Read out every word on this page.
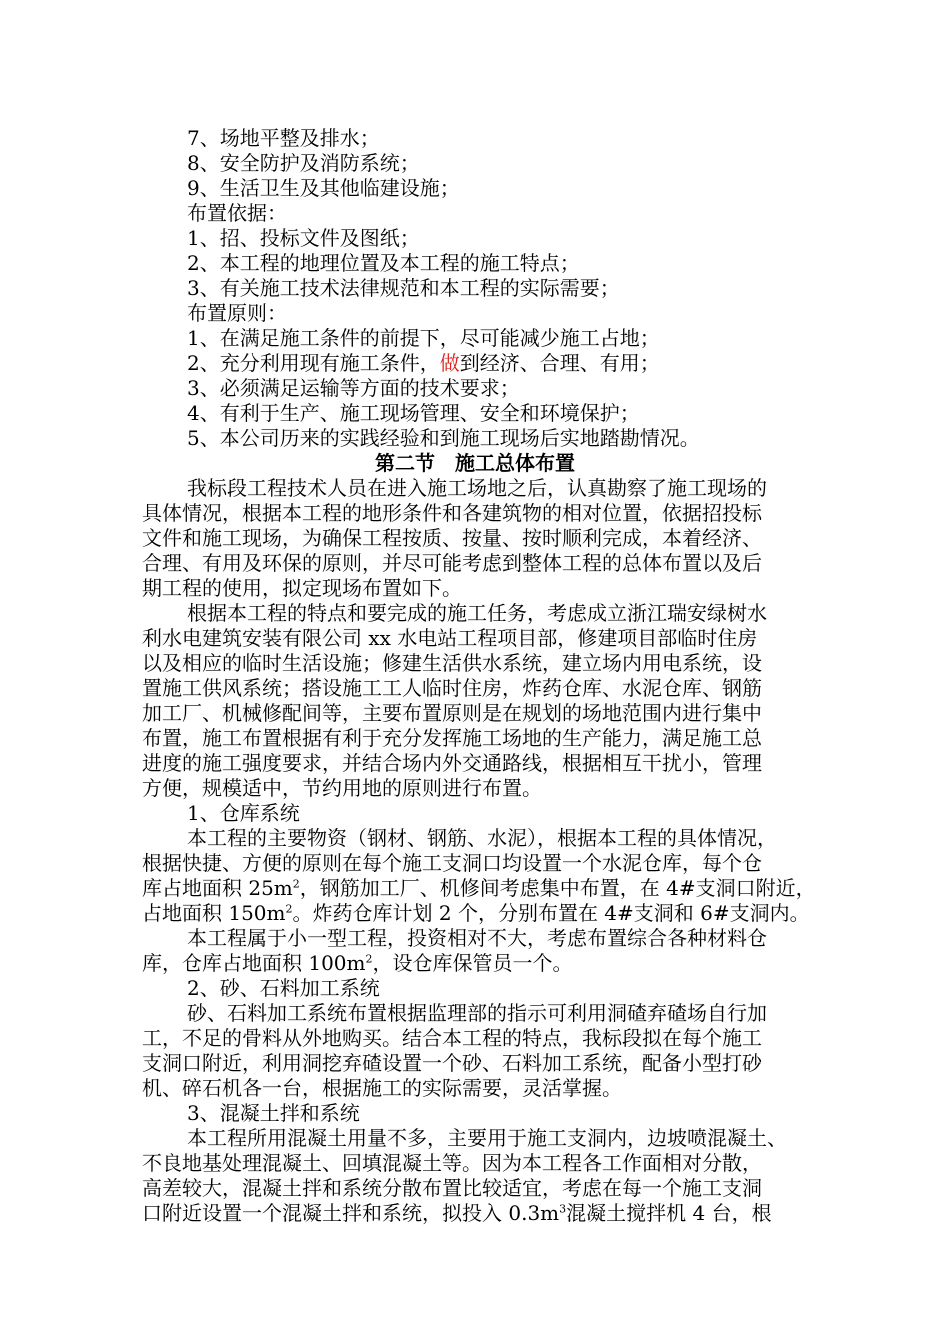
7、场地平整及排水；
8、安全防护及消防系统；
9、生活卫生及其他临建设施；
布置依据：
1、招、投标文件及图纸；
2、本工程的地理位置及本工程的施工特点；
3、有关施工技术法律规范和本工程的实际需要；
布置原则：
1、在满足施工条件的前提下，尽可能减少施工占地；
2、充分利用现有施工条件，做到经济、合理、有用；
3、必须满足运输等方面的技术要求；
4、有利于生产、施工现场管理、安全和环境保护；
5、本公司历来的实践经验和到施工现场后实地踏勘情况。
第二节　施工总体布置
我标段工程技术人员在进入施工场地之后，认真勘察了施工现场的
具体情况，根据本工程的地形条件和各建筑物的相对位置，依据招投标
文件和施工现场，为确保工程按质、按量、按时顺利完成，本着经济、
合理、有用及环保的原则，并尽可能考虑到整体工程的总体布置以及后
期工程的使用，拟定现场布置如下。
根据本工程的特点和要完成的施工任务，考虑成立浙江瑞安绿树水
利水电建筑安装有限公司 xx 水电站工程项目部，修建项目部临时住房
以及相应的临时生活设施；修建生活供水系统，建立场内用电系统，设
置施工供风系统；搭设施工工人临时住房，炸药仓库、水泥仓库、钢筋
加工厂、机械修配间等，主要布置原则是在规划的场地范围内进行集中
布置，施工布置根据有利于充分发挥施工场地的生产能力，满足施工总
进度的施工强度要求，并结合场内外交通路线，根据相互干扰小，管理
方便，规模适中，节约用地的原则进行布置。
1、仓库系统
本工程的主要物资（钢材、钢筋、水泥），根据本工程的具体情况，
根据快捷、方便的原则在每个施工支洞口均设置一个水泥仓库，每个仓
库占地面积 $25m^2$，钢筋加工厂、机修间考虑集中布置，在 4#支洞口附近，
占地面积 $150m^2$。炸药仓库计划 2 个，分别布置在 4#支洞和 6#支洞内。
本工程属于小一型工程，投资相对不大，考虑布置综合各种材料仓
库，仓库占地面积 $100m^2$，设仓库保管员一个。
2、砂、石料加工系统
砂、石料加工系统布置根据监理部的指示可利用洞碴弃碴场自行加
工，不足的骨料从外地购买。结合本工程的特点，我标段拟在每个施工
支洞口附近，利用洞挖弃碴设置一个砂、石料加工系统，配备小型打砂
机、碎石机各一台，根据施工的实际需要，灵活掌握。
3、混凝土拌和系统
本工程所用混凝土用量不多，主要用于施工支洞内，边坡喷混凝土、
不良地基处理混凝土、回填混凝土等。因为本工程各工作面相对分散，
高差较大，混凝土拌和系统分散布置比较适宜，考虑在每一个施工支洞
口附近设置一个混凝土拌和系统，拟投入 $0.3m^3$混凝土搅拌机 4 台，根
